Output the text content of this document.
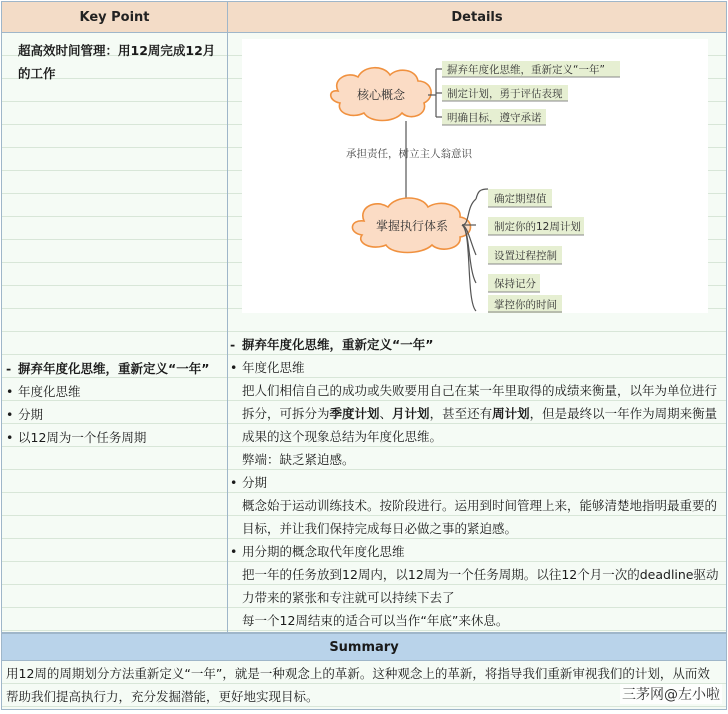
Key Point	Details
超高效时间管理：用12周完成12月的工作
- 摒弃年度化思维，重新定义“一年”
• 年度化思维
• 分期
• 以12周为一个任务周期
核心概念
摒弃年度化思维，重新定义“一年”
制定计划，勇于评估表现
明确目标，遵守承诺
承担责任，树立主人翁意识
掌握执行体系
确定期望值
制定你的12周计划
设置过程控制
保持记分
掌控你的时间
- 摒弃年度化思维，重新定义“一年”
• 年度化思维
把人们相信自己的成功或失败要用自己在某一年里取得的成绩来衡量，以年为单位进行拆分，可拆分为季度计划、月计划，甚至还有周计划，但是最终以一年作为周期来衡量成果的这个现象总结为年度化思维。
弊端：缺乏紧迫感。
• 分期
概念始于运动训练技术。按阶段进行。运用到时间管理上来，能够清楚地指明最重要的目标，并让我们保持完成每日必做之事的紧迫感。
• 用分期的概念取代年度化思维
把一年的任务放到12周内，以12周为一个任务周期。以往12个月一次的deadline驱动力带来的紧张和专注就可以持续下去了
每一个12周结束的适合可以当作“年底”来休息。
Summary
用12周的周期划分方法重新定义“一年”，就是一种观念上的革新。这种观念上的革新，将指导我们重新审视我们的计划，从而效帮助我们提高执行力，充分发掘潜能，更好地实现目标。	三茅网@左小啦
